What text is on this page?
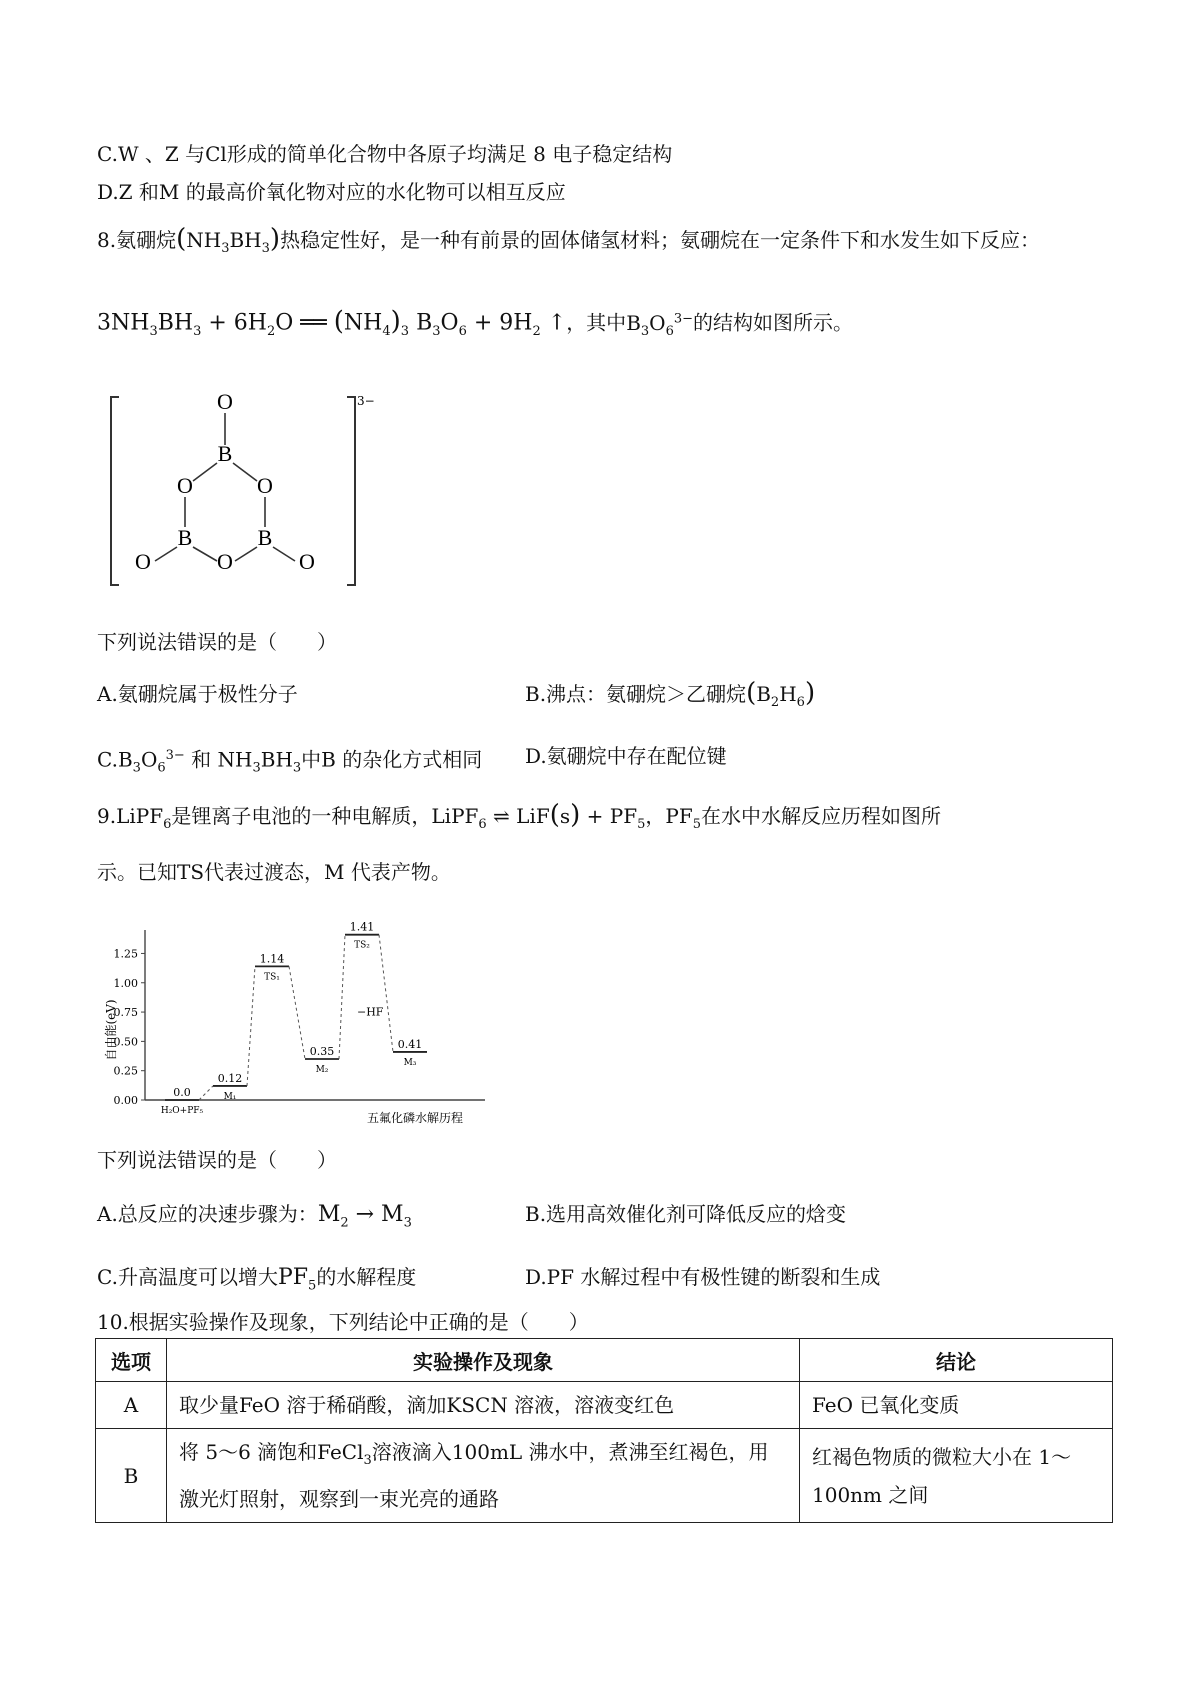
C.W 、Z 与Cl形成的简单化合物中各原子均满足 8 电子稳定结构
D.Z 和M 的最高价氧化物对应的水化物可以相互反应
8.氨硼烷$(NH_3BH_3)$热稳定性好，是一种有前景的固体储氢材料；氨硼烷在一定条件下和水发生如下反应：
$3NH_3BH_3 + 6H_2O$ ══ $(NH_4)_3$ $B_3O_6 + 9H_2$ ↑，其中$B_3O_6^{3-}$的结构如图所示。
3−
O
B
O	O
B	B
O
O	O
下列说法错误的是（　　）
A.氨硼烷属于极性分子	B.沸点：氨硼烷＞乙硼烷$(B_2H_6)$
$C.B_3O_6^{3-}$ 和 $NH_3BH_3$中B 的杂化方式相同 D.氨硼烷中存在配位键
9.LiPF$_6$是锂离子电池的一种电解质，LiPF$_6$ ⇌ $LiF(s) + PF_5$，$PF_5$在水中水解反应历程如图所
示。已知TS代表过渡态，M 代表产物。
自由能(eV)
五氟化磷水解历程
0.00
0.25
0.50
0.75
1.00
1.25
0.0
H₂O+PF₅
0.12
M₁
1.14
TS₁
0.35
M₂
1.41
TS₂
0.41
M₃
−HF
下列说法错误的是（　　）
A.总反应的决速步骤为：$M_2 \to M_3$	B.选用高效催化剂可降低反应的焓变
C.升高温度可以增大$PF_5$的水解程度	D.PF 水解过程中有极性键的断裂和生成
10.根据实验操作及现象，下列结论中正确的是（　　）
选项	实验操作及现象	结论
A	取少量FeO 溶于稀硝酸，滴加KSCN 溶液，溶液变红色	FeO 已氧化变质
B	将 5～6 滴饱和FeCl$_3$溶液滴入100mL 沸水中，煮沸至红褐色，用激光灯照射，观察到一束光亮的通路	红褐色物质的微粒大小在 1～100nm 之间
